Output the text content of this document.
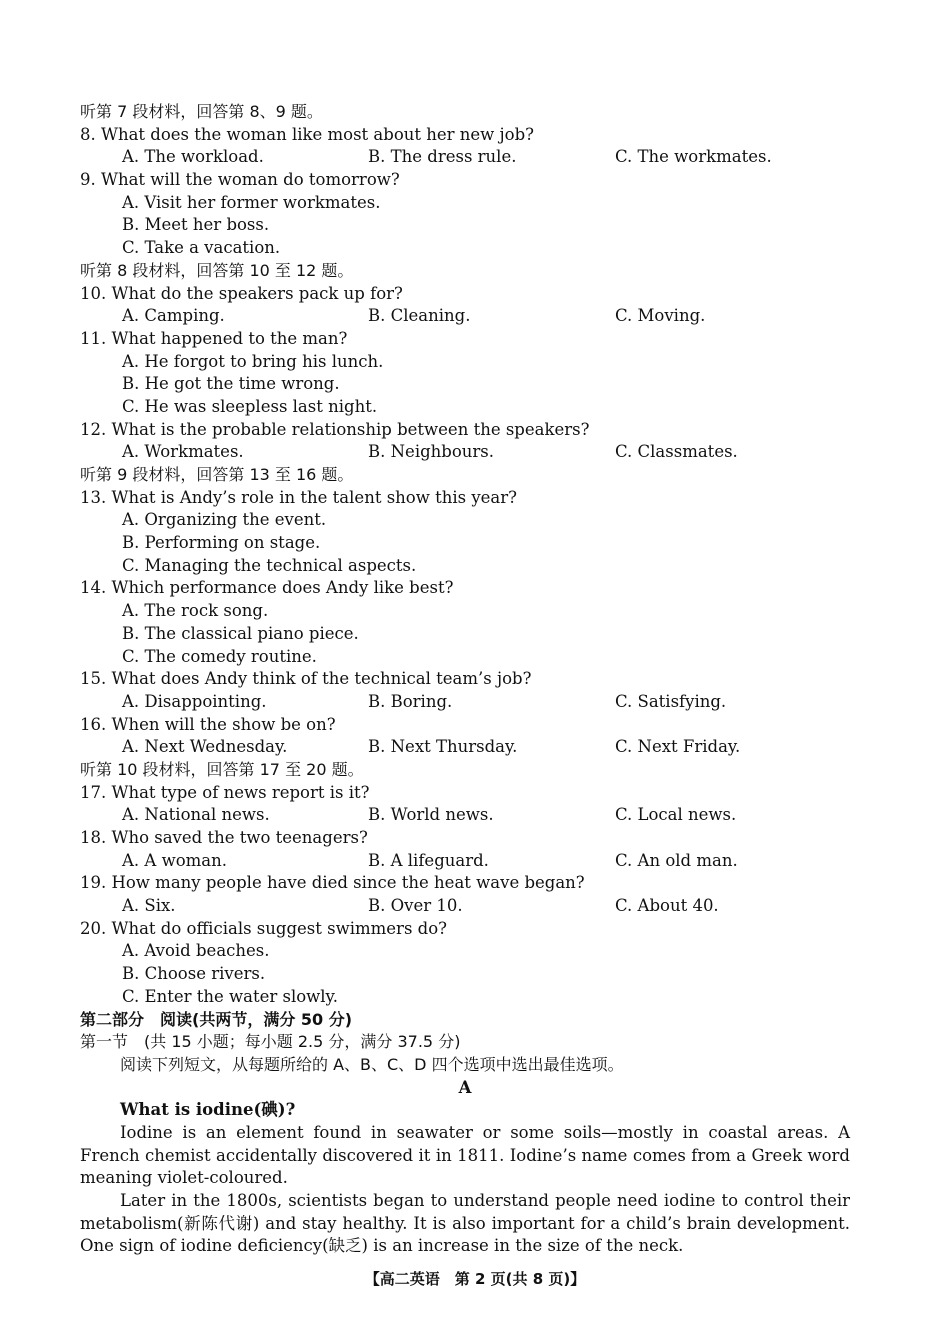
听第 7 段材料，回答第 8、9 题。
8. What does the woman like most about her new job?
A. The workload.	B. The dress rule.	C. The workmates.
9. What will the woman do tomorrow?
A. Visit her former workmates.
B. Meet her boss.
C. Take a vacation.
听第 8 段材料，回答第 10 至 12 题。
10. What do the speakers pack up for?
A. Camping.	B. Cleaning.	C. Moving.
11. What happened to the man?
A. He forgot to bring his lunch.
B. He got the time wrong.
C. He was sleepless last night.
12. What is the probable relationship between the speakers?
A. Workmates.	B. Neighbours.	C. Classmates.
听第 9 段材料，回答第 13 至 16 题。
13. What is Andy’s role in the talent show this year?
A. Organizing the event.
B. Performing on stage.
C. Managing the technical aspects.
14. Which performance does Andy like best?
A. The rock song.
B. The classical piano piece.
C. The comedy routine.
15. What does Andy think of the technical team’s job?
A. Disappointing.	B. Boring.	C. Satisfying.
16. When will the show be on?
A. Next Wednesday.	B. Next Thursday.	C. Next Friday.
听第 10 段材料，回答第 17 至 20 题。
17. What type of news report is it?
A. National news.	B. World news.	C. Local news.
18. Who saved the two teenagers?
A. A woman.	B. A lifeguard.	C. An old man.
19. How many people have died since the heat wave began?
A. Six.	B. Over 10.	C. About 40.
20. What do officials suggest swimmers do?
A. Avoid beaches.
B. Choose rivers.
C. Enter the water slowly.
第二部分　阅读(共两节，满分 50 分)
第一节　(共 15 小题；每小题 2.5 分，满分 37.5 分)
阅读下列短文，从每题所给的 A、B、C、D 四个选项中选出最佳选项。
A
What is iodine(碘)?

Iodine is an element found in seawater or some soils—mostly in coastal areas. A French chemist accidentally discovered it in 1811. Iodine’s name comes from a Greek word meaning violet-coloured.

Later in the 1800s, scientists began to understand people need iodine to control their metabolism(新陈代谢) and stay healthy. It is also important for a child’s brain development. One sign of iodine deficiency(缺乏) is an increase in the size of the neck.

【高二英语　第 2 页(共 8 页)】
